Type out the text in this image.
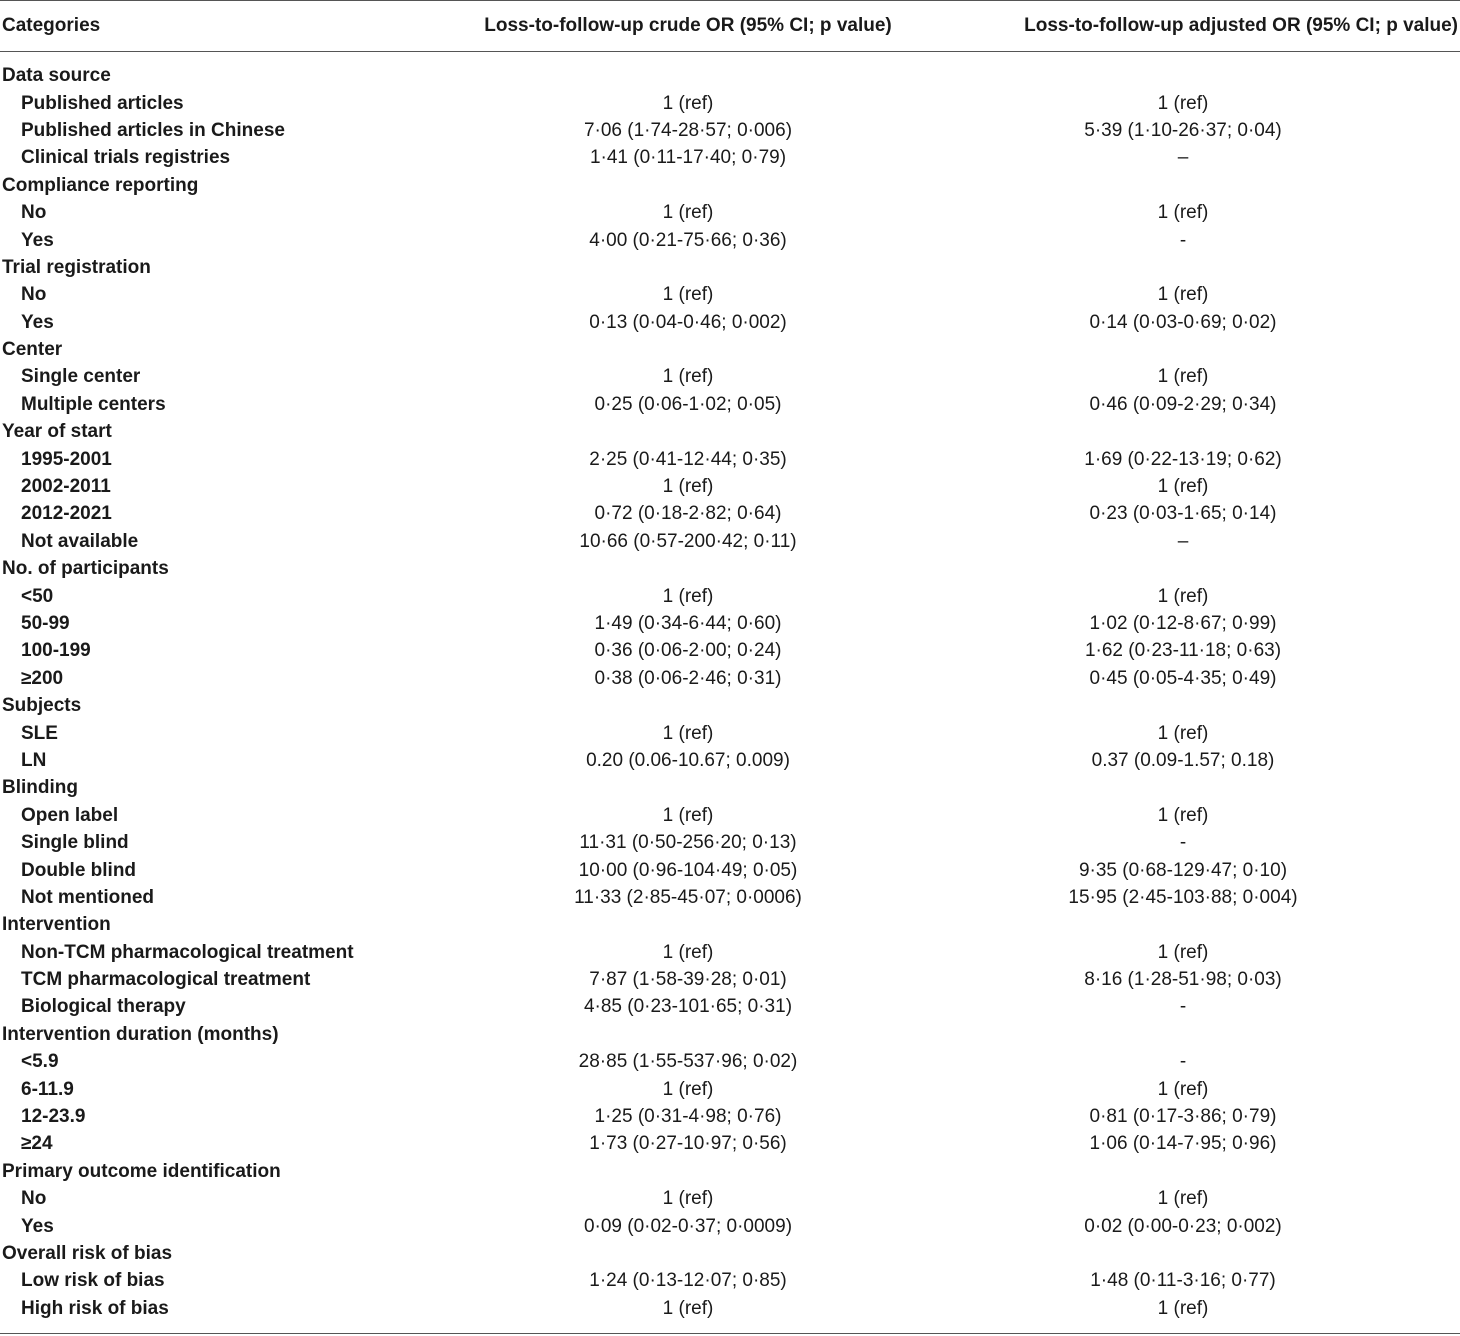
Categories	Loss-to-follow-up crude OR (95% CI; p value)	Loss-to-follow-up adjusted OR (95% CI; p value)

Data source		
Published articles	1 (ref)	1 (ref)
Published articles in Chinese	7·06 (1·74-28·57; 0·006)	5·39 (1·10-26·37; 0·04)
Clinical trials registries	1·41 (0·11-17·40; 0·79)	–
Compliance reporting		
No	1 (ref)	1 (ref)
Yes	4·00 (0·21-75·66; 0·36)	-
Trial registration		
No	1 (ref)	1 (ref)
Yes	0·13 (0·04-0·46; 0·002)	0·14 (0·03-0·69; 0·02)
Center		
Single center	1 (ref)	1 (ref)
Multiple centers	0·25 (0·06-1·02; 0·05)	0·46 (0·09-2·29; 0·34)
Year of start		
1995-2001	2·25 (0·41-12·44; 0·35)	1·69 (0·22-13·19; 0·62)
2002-2011	1 (ref)	1 (ref)
2012-2021	0·72 (0·18-2·82; 0·64)	0·23 (0·03-1·65; 0·14)
Not available	10·66 (0·57-200·42; 0·11)	–
No. of participants		
<50	1 (ref)	1 (ref)
50-99	1·49 (0·34-6·44; 0·60)	1·02 (0·12-8·67; 0·99)
100-199	0·36 (0·06-2·00; 0·24)	1·62 (0·23-11·18; 0·63)
≥200	0·38 (0·06-2·46; 0·31)	0·45 (0·05-4·35; 0·49)
Subjects		
SLE	1 (ref)	1 (ref)
LN	0.20 (0.06-10.67; 0.009)	0.37 (0.09-1.57; 0.18)
Blinding		
Open label	1 (ref)	1 (ref)
Single blind	11·31 (0·50-256·20; 0·13)	-
Double blind	10·00 (0·96-104·49; 0·05)	9·35 (0·68-129·47; 0·10)
Not mentioned	11·33 (2·85-45·07; 0·0006)	15·95 (2·45-103·88; 0·004)
Intervention		
Non-TCM pharmacological treatment	1 (ref)	1 (ref)
TCM pharmacological treatment	7·87 (1·58-39·28; 0·01)	8·16 (1·28-51·98; 0·03)
Biological therapy	4·85 (0·23-101·65; 0·31)	-
Intervention duration (months)		
<5.9	28·85 (1·55-537·96; 0·02)	-
6-11.9	1 (ref)	1 (ref)
12-23.9	1·25 (0·31-4·98; 0·76)	0·81 (0·17-3·86; 0·79)
≥24	1·73 (0·27-10·97; 0·56)	1·06 (0·14-7·95; 0·96)
Primary outcome identification		
No	1 (ref)	1 (ref)
Yes	0·09 (0·02-0·37; 0·0009)	0·02 (0·00-0·23; 0·002)
Overall risk of bias		
Low risk of bias	1·24 (0·13-12·07; 0·85)	1·48 (0·11-3·16; 0·77)
High risk of bias	1 (ref)	1 (ref)
